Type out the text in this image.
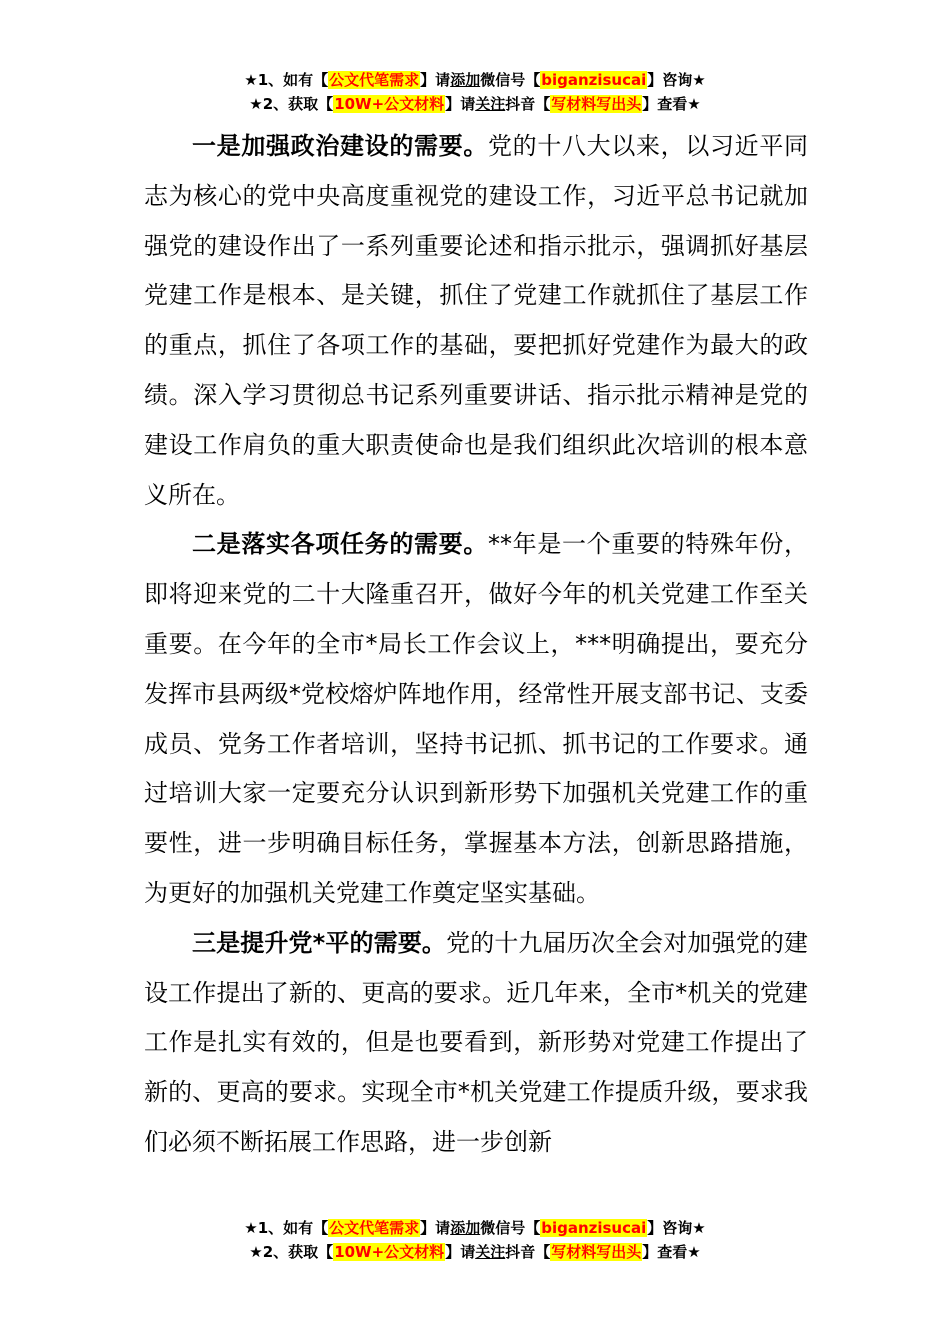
★1、如有【公文代笔需求】请添加微信号【biganzisucai】咨询★
★2、获取【10W+公文材料】请关注抖音【写材料写出头】查看★

一是加强政治建设的需要。党的十八大以来，以习近平同志为核心的党中央高度重视党的建设工作，习近平总书记就加强党的建设作出了一系列重要论述和指示批示，强调抓好基层党建工作是根本、是关键，抓住了党建工作就抓住了基层工作的重点，抓住了各项工作的基础，要把抓好党建作为最大的政绩。深入学习贯彻总书记系列重要讲话、指示批示精神是党的建设工作肩负的重大职责使命也是我们组织此次培训的根本意义所在。

二是落实各项任务的需要。**年是一个重要的特殊年份，即将迎来党的二十大隆重召开，做好今年的机关党建工作至关重要。在今年的全市*局长工作会议上，***明确提出，要充分发挥市县两级*党校熔炉阵地作用，经常性开展支部书记、支委成员、党务工作者培训，坚持书记抓、抓书记的工作要求。通过培训大家一定要充分认识到新形势下加强机关党建工作的重要性，进一步明确目标任务，掌握基本方法，创新思路措施，为更好的加强机关党建工作奠定坚实基础。

三是提升党*平的需要。党的十九届历次全会对加强党的建设工作提出了新的、更高的要求。近几年来，全市*机关的党建工作是扎实有效的，但是也要看到，新形势对党建工作提出了新的、更高的要求。实现全市*机关党建工作提质升级，要求我们必须不断拓展工作思路，进一步创新

★1、如有【公文代笔需求】请添加微信号【biganzisucai】咨询★
★2、获取【10W+公文材料】请关注抖音【写材料写出头】查看★
